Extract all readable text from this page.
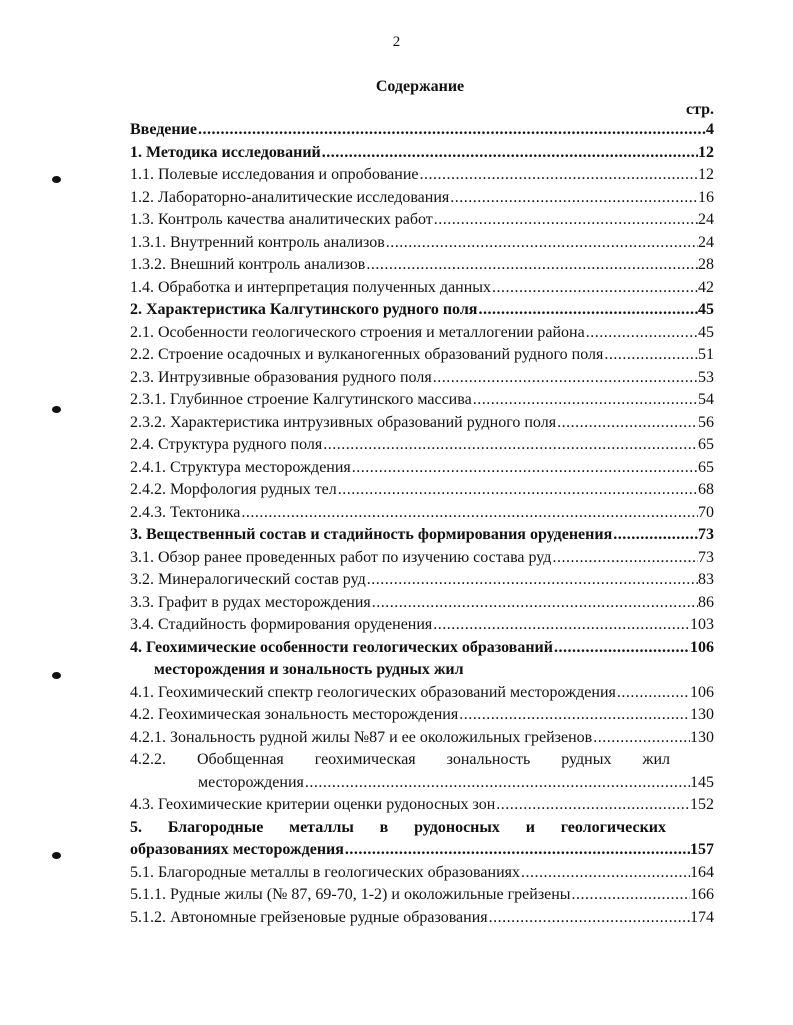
2
Содержание
стр.
Введение .....	4
1. Методика исследований .....	12
1.1. Полевые исследования и опробование .....	12
1.2. Лабораторно-аналитические исследования .....	16
1.3. Контроль качества аналитических работ .....	24
1.3.1. Внутренний контроль анализов .....	24
1.3.2. Внешний контроль анализов .....	28
1.4. Обработка и интерпретация полученных данных .....	42
2. Характеристика Калгутинского рудного поля .....	45
2.1. Особенности геологического строения и металлогении района .....	45
2.2. Строение осадочных и вулканогенных образований рудного поля .....	51
2.3. Интрузивные образования рудного поля .....	53
2.3.1. Глубинное строение Калгутинского массива .....	54
2.3.2. Характеристика интрузивных образований рудного поля .....	56
2.4. Структура рудного поля .....	65
2.4.1. Структура месторождения .....	65
2.4.2. Морфология рудных тел .....	68
2.4.3. Тектоника .....	70
3. Вещественный состав и стадийность формирования оруденения .....	73
3.1. Обзор ранее проведенных работ по изучению состава руд .....	73
3.2. Минералогический состав руд .....	83
3.3. Графит в рудах месторождения .....	86
3.4. Стадийность формирования оруденения .....	103
4. Геохимические особенности геологических образований .....	106
месторождения и зональность рудных жил
4.1. Геохимический спектр геологических образований месторождения .....	106
4.2. Геохимическая зональность месторождения .....	130
4.2.1. Зональность рудной жилы №87 и ее околожильных грейзенов .....	130
4.2.2. Обобщенная геохимическая зональность рудных жил
месторождения .....	145
4.3. Геохимические критерии оценки рудоносных зон .....	152
5. Благородные металлы в рудоносных и геологических
образованиях месторождения .....	157
5.1. Благородные металлы в геологических образованиях .....	164
5.1.1. Рудные жилы (№ 87, 69-70, 1-2) и околожильные грейзены .....	166
5.1.2. Автономные грейзеновые рудные образования .....	174
